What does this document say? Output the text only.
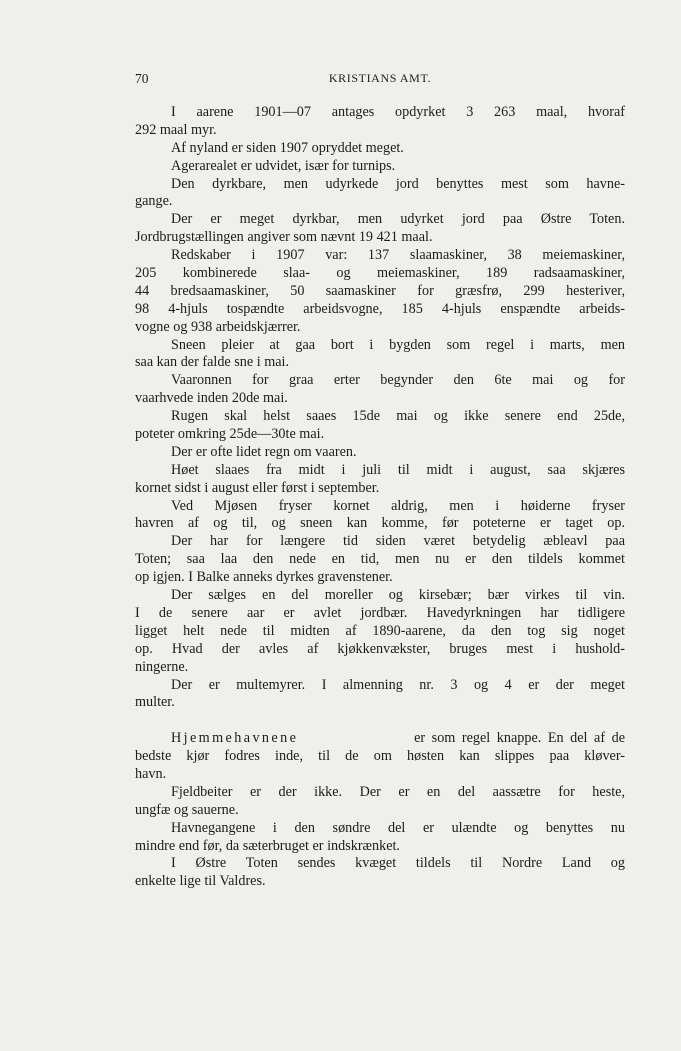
70	KRISTIANS AMT.
I aarene 1901—07 antages opdyrket 3 263 maal, hvoraf
292 maal myr.
Af nyland er siden 1907 opryddet meget.
Agerarealet er udvidet, især for turnips.
Den dyrkbare, men udyrkede jord benyttes mest som havne-
gange.
Der er meget dyrkbar, men udyrket jord paa Østre Toten.
Jordbrugstællingen angiver som nævnt 19 421 maal.
Redskaber i 1907 var: 137 slaamaskiner, 38 meiemaskiner,
205 kombinerede slaa- og meiemaskiner, 189 radsaamaskiner,
44 bredsaamaskiner, 50 saamaskiner for græsfrø, 299 hesteriver,
98 4-hjuls tospændte arbeidsvogne, 185 4-hjuls enspændte arbeids-
vogne og 938 arbeidskjærrer.
Sneen pleier at gaa bort i bygden som regel i marts, men
saa kan der falde sne i mai.
Vaaronnen for graa erter begynder den 6te mai og for
vaarhvede inden 20de mai.
Rugen skal helst saaes 15de mai og ikke senere end 25de,
poteter omkring 25de—30te mai.
Der er ofte lidet regn om vaaren.
Høet slaaes fra midt i juli til midt i august, saa skjæres
kornet sidst i august eller først i september.
Ved Mjøsen fryser kornet aldrig, men i høiderne fryser
havren af og til, og sneen kan komme, før poteterne er taget op.
Der har for længere tid siden været betydelig æbleavl paa
Toten; saa laa den nede en tid, men nu er den tildels kommet
op igjen. I Balke anneks dyrkes gravenstener.
Der sælges en del moreller og kirsebær; bær virkes til vin.
I de senere aar er avlet jordbær. Havedyrkningen har tidligere
ligget helt nede til midten af 1890-aarene, da den tog sig noget
op. Hvad der avles af kjøkkenvækster, bruges mest i hushold-
ningerne.
Der er multemyrer. I almenning nr. 3 og 4 er der meget
multer.
Hjemmehavnene	er som regel knappe. En del af de
bedste kjør fodres inde, til de om høsten kan slippes paa kløver-
havn.
Fjeldbeiter er der ikke. Der er en del aassætre for heste,
ungfæ og sauerne.
Havnegangene i den søndre del er ulændte og benyttes nu
mindre end før, da sæterbruget er indskrænket.
I Østre Toten sendes kvæget tildels til Nordre Land og
enkelte lige til Valdres.
